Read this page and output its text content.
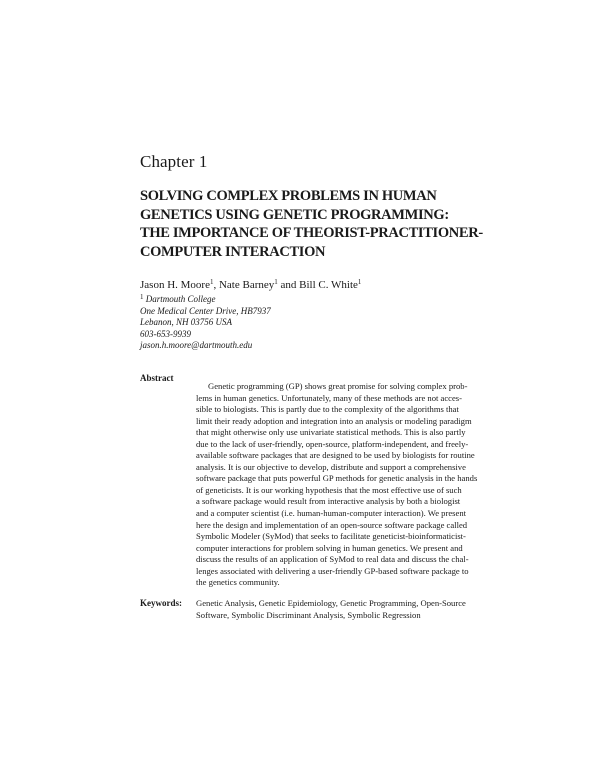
Chapter 1
SOLVING COMPLEX PROBLEMS IN HUMAN
GENETICS USING GENETIC PROGRAMMING:
THE IMPORTANCE OF THEORIST-PRACTITIONER-
COMPUTER INTERACTION
Jason H. Moore$^1$, Nate Barney$^1$ and Bill C. White$^1$
$^1$ Dartmouth College
One Medical Center Drive, HB7937
Lebanon, NH 03756 USA
603-653-9939
jason.h.moore@dartmouth.edu
Abstract
Genetic programming (GP) shows great promise for solving complex prob-
lems in human genetics. Unfortunately, many of these methods are not acces-
sible to biologists. This is partly due to the complexity of the algorithms that
limit their ready adoption and integration into an analysis or modeling paradigm
that might otherwise only use univariate statistical methods. This is also partly
due to the lack of user-friendly, open-source, platform-independent, and freely-
available software packages that are designed to be used by biologists for routine
analysis. It is our objective to develop, distribute and support a comprehensive
software package that puts powerful GP methods for genetic analysis in the hands
of geneticists. It is our working hypothesis that the most effective use of such
a software package would result from interactive analysis by both a biologist
and a computer scientist (i.e. human-human-computer interaction). We present
here the design and implementation of an open-source software package called
Symbolic Modeler (SyMod) that seeks to facilitate geneticist-bioinformaticist-
computer interactions for problem solving in human genetics. We present and
discuss the results of an application of SyMod to real data and discuss the chal-
lenges associated with delivering a user-friendly GP-based software package to
the genetics community.
Keywords: Genetic Analysis, Genetic Epidemiology, Genetic Programming, Open-Source
Software, Symbolic Discriminant Analysis, Symbolic Regression
